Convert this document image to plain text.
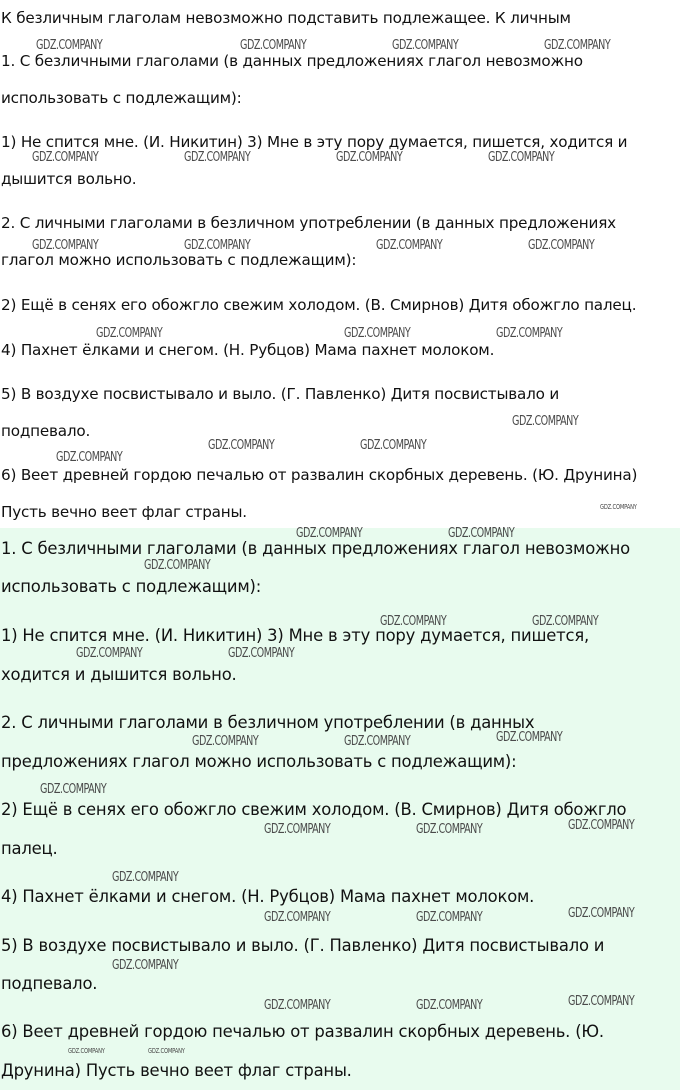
К безличным глаголам невозможно подставить подлежащее. К личным
1. С безличными глаголами (в данных предложениях глагол невозможно
использовать с подлежащим):
1) Не спится мне. (И. Никитин) 3) Мне в эту пору думается, пишется, ходится и
дышится вольно.
2. С личными глаголами в безличном употреблении (в данных предложениях
глагол можно использовать с подлежащим):
2) Ещё в сенях его обожгло свежим холодом. (В. Смирнов) Дитя обожгло палец.
4) Пахнет ёлками и снегом. (Н. Рубцов) Мама пахнет молоком.
5) В воздухе посвистывало и выло. (Г. Павленко) Дитя посвистывало и
подпевало.
6) Веет древней гордою печалью от развалин скорбных деревень. (Ю. Друнина)
Пусть вечно веет флаг страны.
1. С безличными глаголами (в данных предложениях глагол невозможно
использовать с подлежащим):
1) Не спится мне. (И. Никитин) 3) Мне в эту пору думается, пишется,
ходится и дышится вольно.
2. С личными глаголами в безличном употреблении (в данных
предложениях глагол можно использовать с подлежащим):
2) Ещё в сенях его обожгло свежим холодом. (В. Смирнов) Дитя обожгло
палец.
4) Пахнет ёлками и снегом. (Н. Рубцов) Мама пахнет молоком.
5) В воздухе посвистывало и выло. (Г. Павленко) Дитя посвистывало и
подпевало.
6) Веет древней гордою печалью от развалин скорбных деревень. (Ю.
Друнина) Пусть вечно веет флаг страны.
GDZ.COMPANY	GDZ.COMPANY	GDZ.COMPANY	GDZ.COMPANY
GDZ.COMPANY	GDZ.COMPANY	GDZ.COMPANY	GDZ.COMPANY
GDZ.COMPANY	GDZ.COMPANY	GDZ.COMPANY	GDZ.COMPANY
GDZ.COMPANY	GDZ.COMPANY	GDZ.COMPANY
GDZ.COMPANY
GDZ.COMPANY	GDZ.COMPANY
GDZ.COMPANY
GDZ.COMPANY
GDZ.COMPANY	GDZ.COMPANY
GDZ.COMPANY
GDZ.COMPANY	GDZ.COMPANY
GDZ.COMPANY	GDZ.COMPANY
GDZ.COMPANY
GDZ.COMPANY	GDZ.COMPANY
GDZ.COMPANY
GDZ.COMPANY
GDZ.COMPANY	GDZ.COMPANY
GDZ.COMPANY
GDZ.COMPANY
GDZ.COMPANY	GDZ.COMPANY
GDZ.COMPANY
GDZ.COMPANY
GDZ.COMPANY	GDZ.COMPANY
GDZ.COMPANY	GDZ.COMPANY
